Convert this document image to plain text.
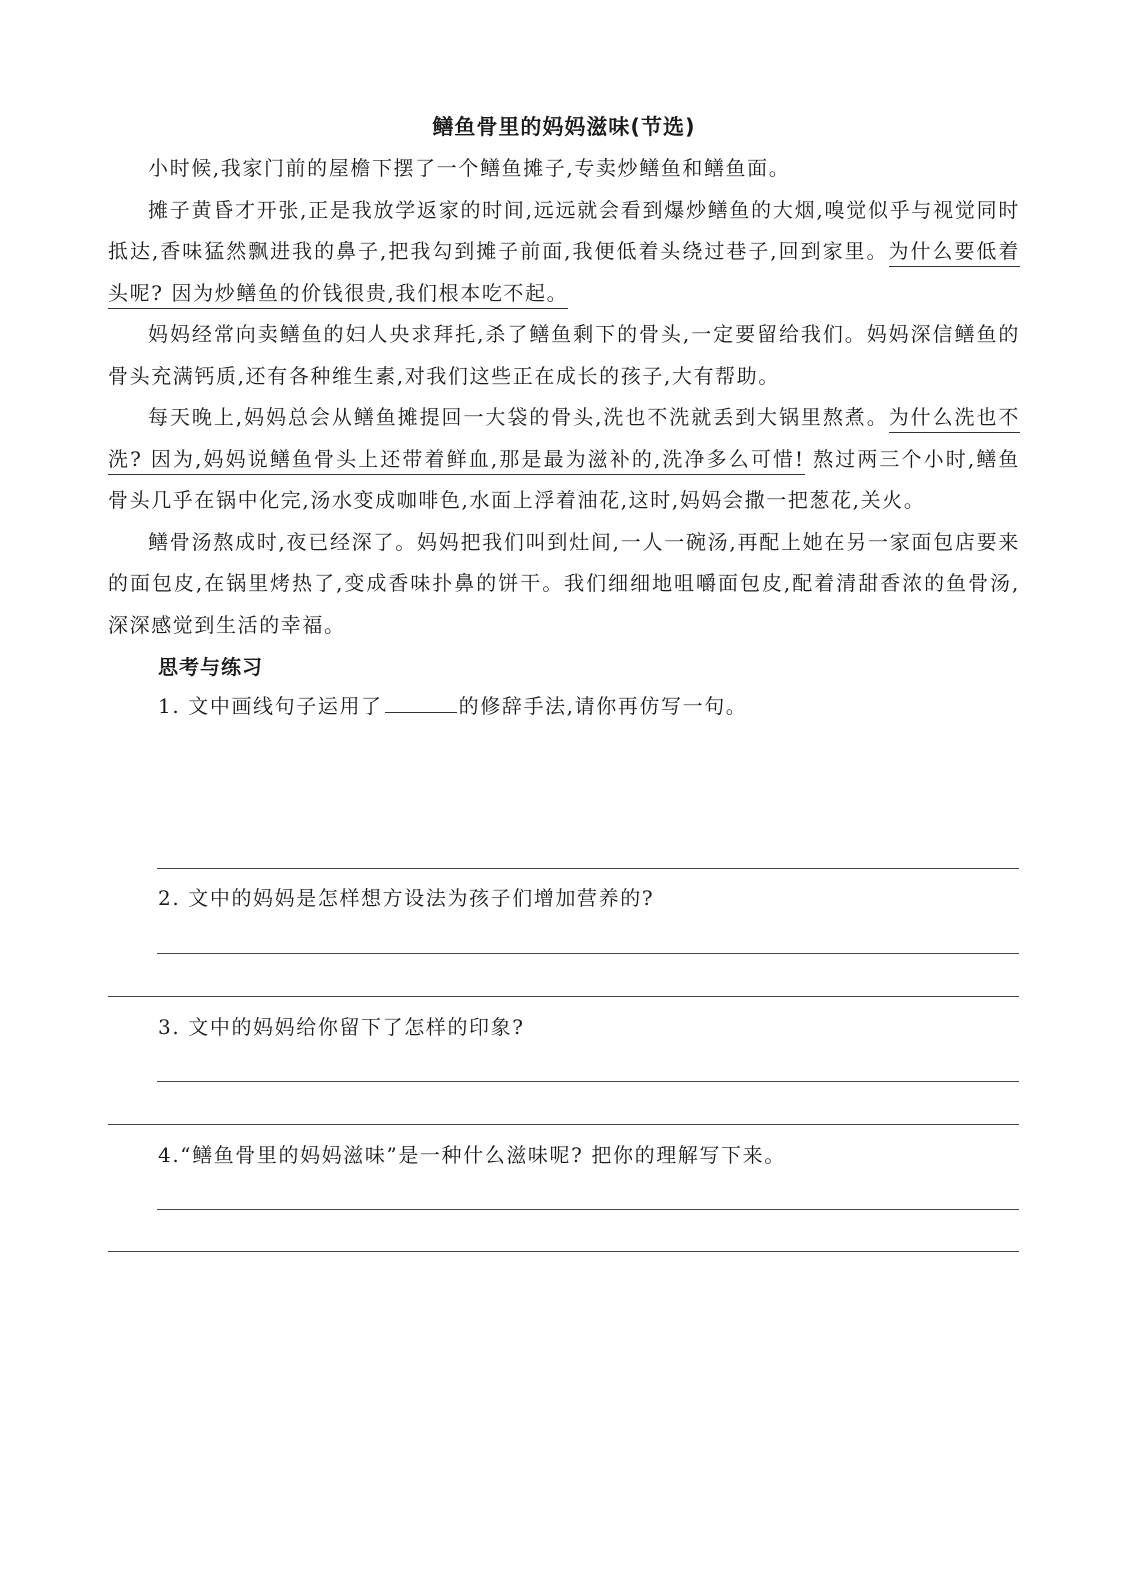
鳝鱼骨里的妈妈滋味(节选)

小时候,我家门前的屋檐下摆了一个鳝鱼摊子,专卖炒鳝鱼和鳝鱼面。

摊子黄昏才开张,正是我放学返家的时间,远远就会看到爆炒鳝鱼的大烟,嗅觉似乎与视觉同时抵达,香味猛然飘进我的鼻子,把我勾到摊子前面,我便低着头绕过巷子,回到家里。为什么要低着头呢? 因为炒鳝鱼的价钱很贵,我们根本吃不起。

妈妈经常向卖鳝鱼的妇人央求拜托,杀了鳝鱼剩下的骨头,一定要留给我们。妈妈深信鳝鱼的骨头充满钙质,还有各种维生素,对我们这些正在成长的孩子,大有帮助。

每天晚上,妈妈总会从鳝鱼摊提回一大袋的骨头,洗也不洗就丢到大锅里熬煮。为什么洗也不洗? 因为,妈妈说鳝鱼骨头上还带着鲜血,那是最为滋补的,洗净多么可惜! 熬过两三个小时,鳝鱼骨头几乎在锅中化完,汤水变成咖啡色,水面上浮着油花,这时,妈妈会撒一把葱花,关火。

鳝骨汤熬成时,夜已经深了。妈妈把我们叫到灶间,一人一碗汤,再配上她在另一家面包店要来的面包皮,在锅里烤热了,变成香味扑鼻的饼干。我们细细地咀嚼面包皮,配着清甜香浓的鱼骨汤,深深感觉到生活的幸福。

思考与练习
1. 文中画线句子运用了	的修辞手法,请你再仿写一句。
2. 文中的妈妈是怎样想方设法为孩子们增加营养的?
3. 文中的妈妈给你留下了怎样的印象?
4.“鳝鱼骨里的妈妈滋味”是一种什么滋味呢? 把你的理解写下来。
